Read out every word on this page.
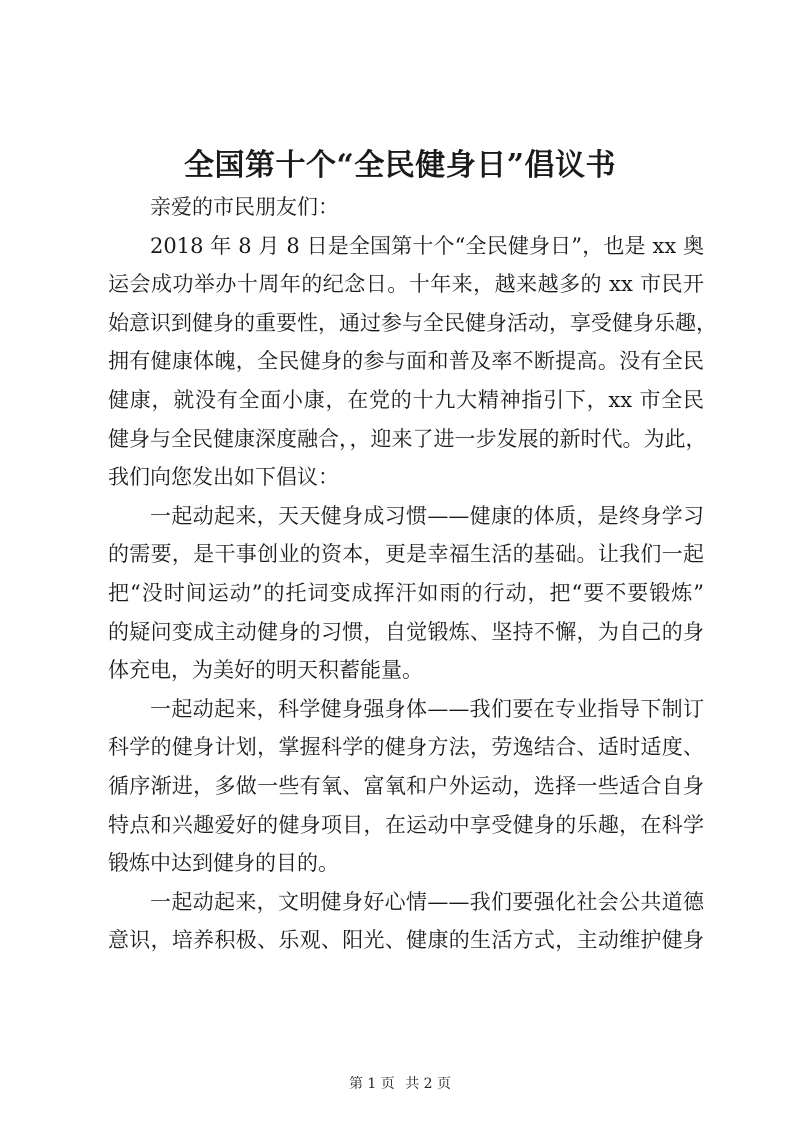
全国第十个“全民健身日”倡议书
亲爱的市民朋友们：
2018 年 8 月 8 日是全国第十个“全民健身日”，也是 xx 奥
运会成功举办十周年的纪念日。十年来，越来越多的 xx 市民开
始意识到健身的重要性，通过参与全民健身活动，享受健身乐趣，
拥有健康体魄，全民健身的参与面和普及率不断提高。没有全民
健康，就没有全面小康，在党的十九大精神指引下，xx 市全民
健身与全民健康深度融合，，迎来了进一步发展的新时代。为此，
我们向您发出如下倡议：
一起动起来，天天健身成习惯——健康的体质，是终身学习
的需要，是干事创业的资本，更是幸福生活的基础。让我们一起
把“没时间运动”的托词变成挥汗如雨的行动，把“要不要锻炼”
的疑问变成主动健身的习惯，自觉锻炼、坚持不懈，为自己的身
体充电，为美好的明天积蓄能量。
一起动起来，科学健身强身体——我们要在专业指导下制订
科学的健身计划，掌握科学的健身方法，劳逸结合、适时适度、
循序渐进，多做一些有氧、富氧和户外运动，选择一些适合自身
特点和兴趣爱好的健身项目，在运动中享受健身的乐趣，在科学
锻炼中达到健身的目的。
一起动起来，文明健身好心情——我们要强化社会公共道德
意识，培养积极、乐观、阳光、健康的生活方式，主动维护健身
第 1 页 共 2 页
